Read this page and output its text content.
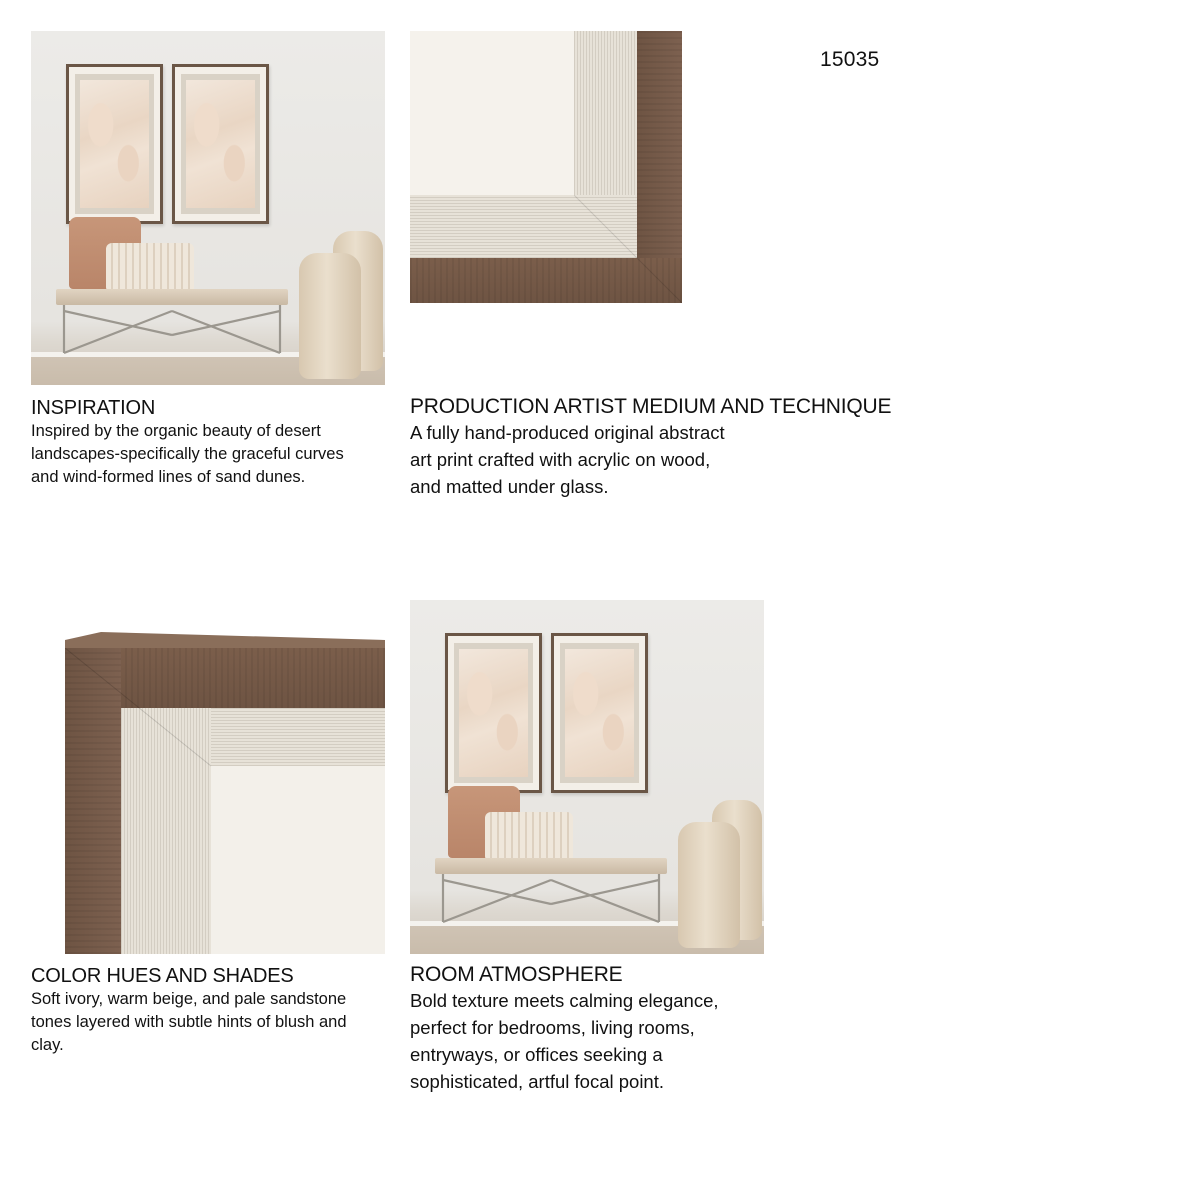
15035
INSPIRATION
Inspired by the organic beauty of desert
landscapes-specifically the graceful curves
and wind-formed lines of sand dunes.
PRODUCTION ARTIST MEDIUM AND TECHNIQUE
A fully hand-produced original abstract
art print crafted with acrylic on wood,
and matted under glass.
COLOR HUES AND SHADES
Soft ivory, warm beige, and pale sandstone
tones layered with subtle hints of blush and
clay.
ROOM ATMOSPHERE
Bold texture meets calming elegance,
perfect for bedrooms, living rooms,
entryways, or offices seeking a
sophisticated, artful focal point.
